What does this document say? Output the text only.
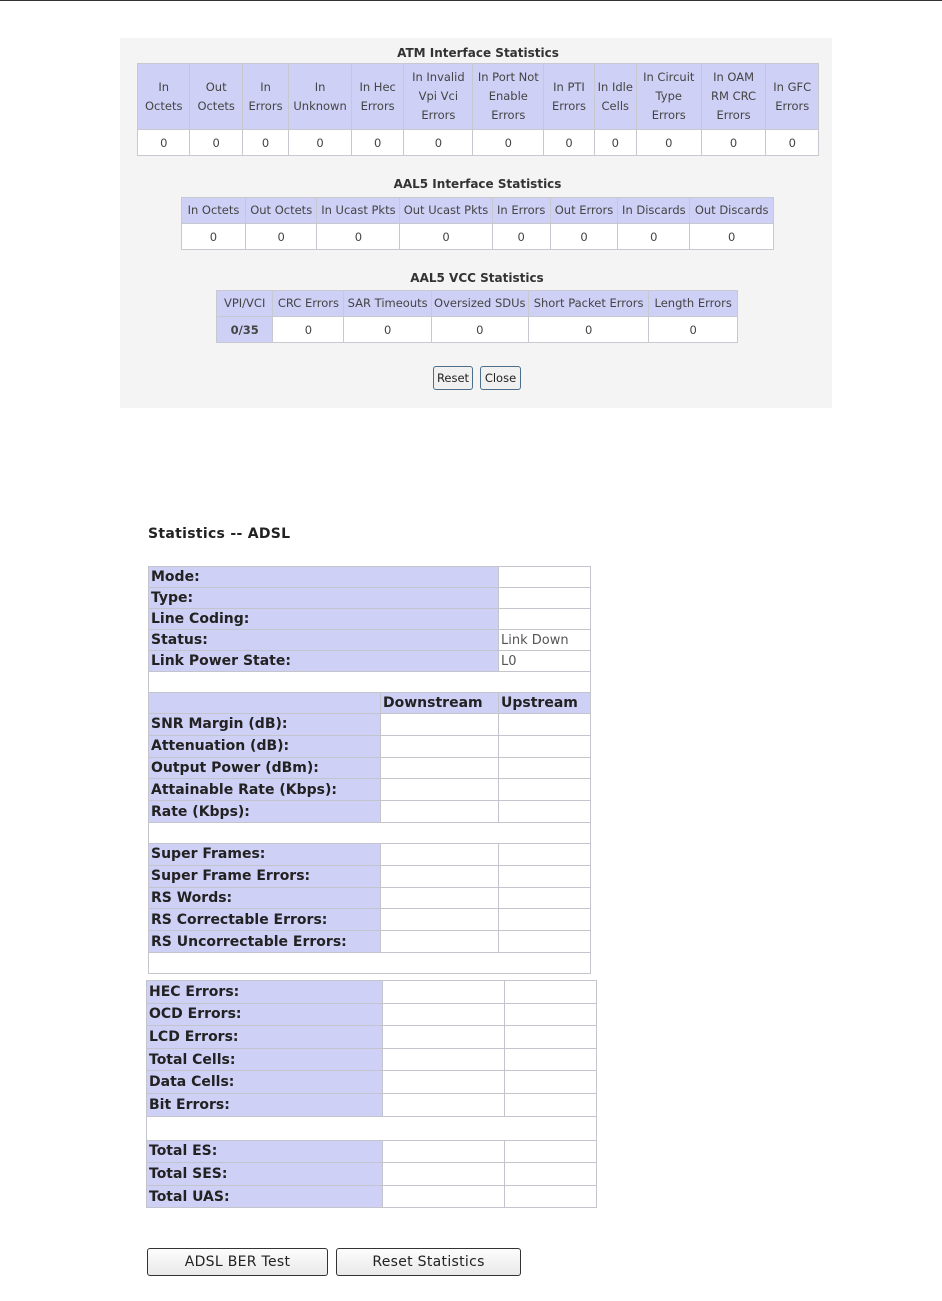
ATM Interface Statistics
In Octets	Out Octets	In Errors	In Unknown	In Hec Errors	In Invalid Vpi Vci Errors	In Port Not Enable Errors	In PTI Errors	In Idle Cells	In Circuit Type Errors	In OAM RM CRC Errors	In GFC Errors
0	0	0	0	0	0	0	0	0	0	0	0
AAL5 Interface Statistics
In Octets	Out Octets	In Ucast Pkts	Out Ucast Pkts	In Errors	Out Errors	In Discards	Out Discards
0	0	0	0	0	0	0	0
AAL5 VCC Statistics
VPI/VCI	CRC Errors	SAR Timeouts	Oversized SDUs	Short Packet Errors	Length Errors
0/35	0	0	0	0	0
Reset	Close
Statistics -- ADSL
Mode:		
Type:		
Line Coding:		
Status:		Link Down
Link Power State:		L0

	Downstream	Upstream
SNR Margin (dB):		
Attenuation (dB):		
Output Power (dBm):		
Attainable Rate (Kbps):		
Rate (Kbps):		

Super Frames:		
Super Frame Errors:		
RS Words:		
RS Correctable Errors:		
RS Uncorrectable Errors:		

HEC Errors:		
OCD Errors:		
LCD Errors:		
Total Cells:		
Data Cells:		
Bit Errors:		

Total ES:		
Total SES:		
Total UAS:		
ADSL BER Test	Reset Statistics
